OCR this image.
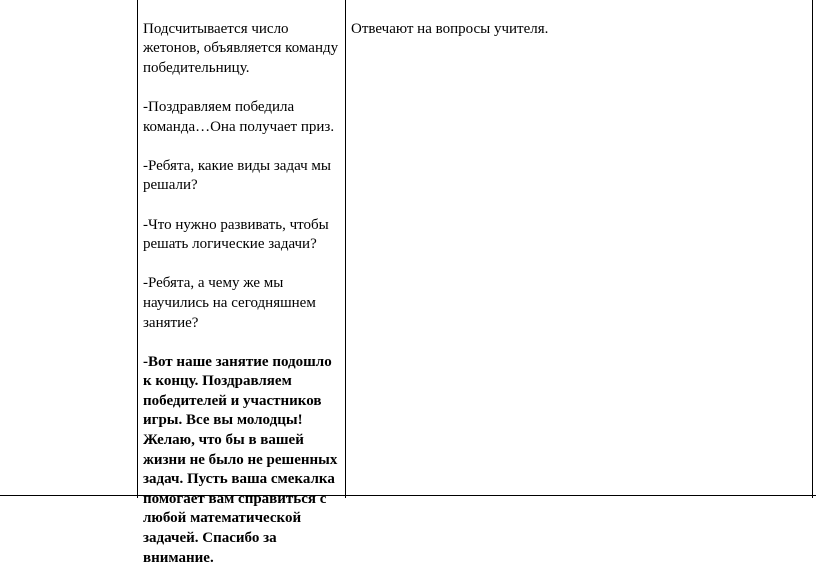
Подсчитывается число
жетонов, объявляется команду
победительницу.

-Поздравляем победила
команда…Она получает приз.

-Ребята, какие виды задач мы
решали?

-Что нужно развивать, чтобы
решать логические задачи?

-Ребята, а чему же мы
научились на сегодняшнем
занятие?

-Вот наше занятие подошло
к концу. Поздравляем
победителей и участников
игры. Все вы молодцы!
Желаю, что бы в вашей
жизни не было не решенных
задач. Пусть ваша смекалка
помогает вам справиться с
любой математической
задачей. Спасибо за
внимание.

Отвечают на вопросы учителя.
